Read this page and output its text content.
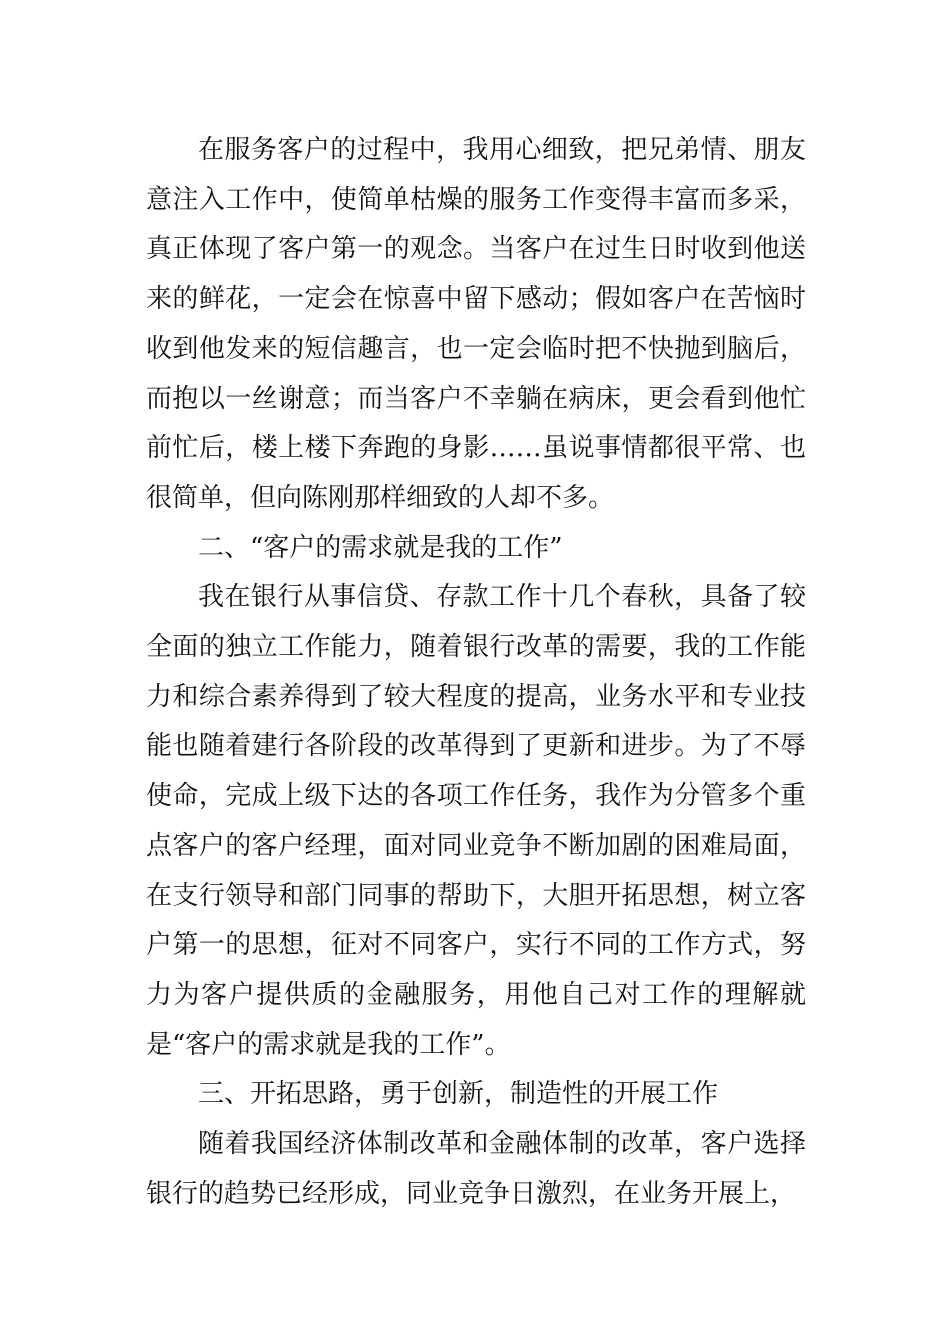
在服务客户的过程中，我用心细致，把兄弟情、朋友意注入工作中，使简单枯燥的服务工作变得丰富而多采，真正体现了客户第一的观念。当客户在过生日时收到他送来的鲜花，一定会在惊喜中留下感动；假如客户在苦恼时收到他发来的短信趣言，也一定会临时把不快抛到脑后，而抱以一丝谢意；而当客户不幸躺在病床，更会看到他忙前忙后，楼上楼下奔跑的身影……虽说事情都很平常、也很简单，但向陈刚那样细致的人却不多。

二、“客户的需求就是我的工作”

我在银行从事信贷、存款工作十几个春秋，具备了较全面的独立工作能力，随着银行改革的需要，我的工作能力和综合素养得到了较大程度的提高，业务水平和专业技能也随着建行各阶段的改革得到了更新和进步。为了不辱使命，完成上级下达的各项工作任务，我作为分管多个重点客户的客户经理，面对同业竞争不断加剧的困难局面，在支行领导和部门同事的帮助下，大胆开拓思想，树立客户第一的思想，征对不同客户，实行不同的工作方式，努力为客户提供质的金融服务，用他自己对工作的理解就是“客户的需求就是我的工作”。

三、开拓思路，勇于创新，制造性的开展工作

随着我国经济体制改革和金融体制的改革，客户选择银行的趋势已经形成，同业竞争日激烈，在业务开展上，
